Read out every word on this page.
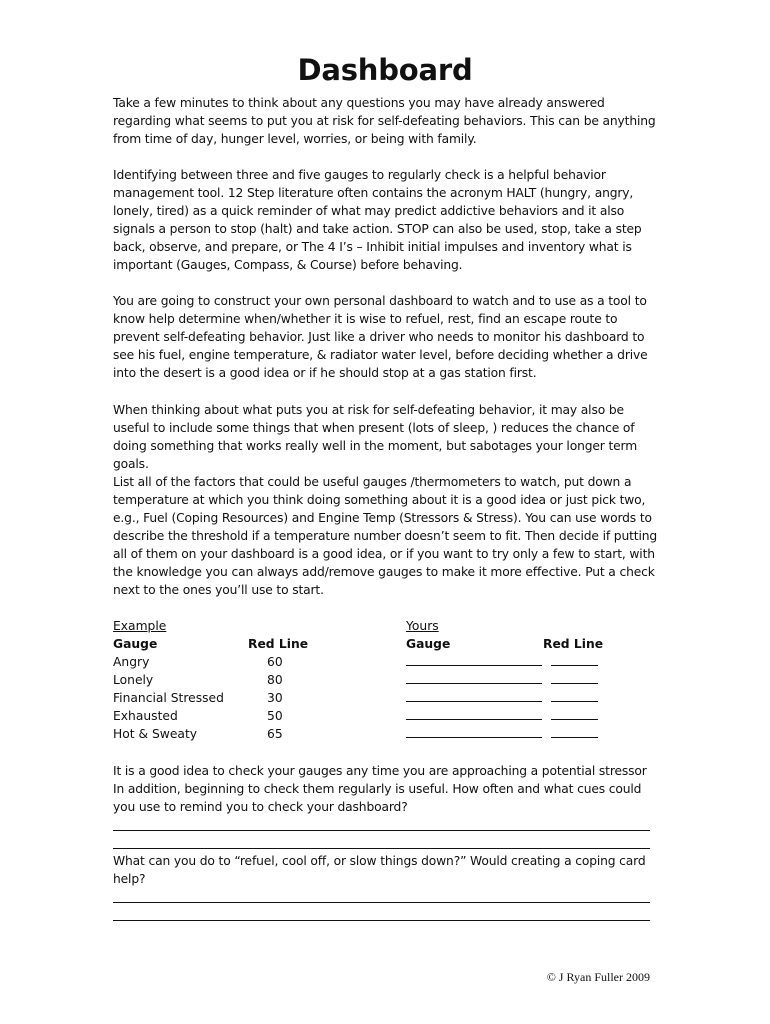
Dashboard

Take a few minutes to think about any questions you may have already answered regarding what seems to put you at risk for self-defeating behaviors. This can be anything from time of day, hunger level, worries, or being with family.

Identifying between three and five gauges to regularly check is a helpful behavior management tool. 12 Step literature often contains the acronym HALT (hungry, angry, lonely, tired) as a quick reminder of what may predict addictive behaviors and it also signals a person to stop (halt) and take action. STOP can also be used, stop, take a step back, observe, and prepare, or The 4 I’s – Inhibit initial impulses and inventory what is important (Gauges, Compass, & Course) before behaving.

You are going to construct your own personal dashboard to watch and to use as a tool to know help determine when/whether it is wise to refuel, rest, find an escape route to prevent self-defeating behavior. Just like a driver who needs to monitor his dashboard to see his fuel, engine temperature, & radiator water level, before deciding whether a drive into the desert is a good idea or if he should stop at a gas station first.

When thinking about what puts you at risk for self-defeating behavior, it may also be useful to include some things that when present (lots of sleep, ) reduces the chance of doing something that works really well in the moment, but sabotages your longer term goals.

List all of the factors that could be useful gauges /thermometers to watch, put down a temperature at which you think doing something about it is a good idea or just pick two, e.g., Fuel (Coping Resources) and Engine Temp (Stressors & Stress). You can use words to describe the threshold if a temperature number doesn’t seem to fit. Then decide if putting all of them on your dashboard is a good idea, or if you want to try only a few to start, with the knowledge you can always add/remove gauges to make it more effective. Put a check next to the ones you’ll use to start.

Example
Gauge	Red Line
Angry	60
Lonely	80
Financial Stressed	30
Exhausted	50
Hot & Sweaty	65
Yours
Gauge	Red Line

It is a good idea to check your gauges any time you are approaching a potential stressor In addition, beginning to check them regularly is useful. How often and what cues could you use to remind you to check your dashboard?

What can you do to “refuel, cool off, or slow things down?” Would creating a coping card help?

© J Ryan Fuller 2009
